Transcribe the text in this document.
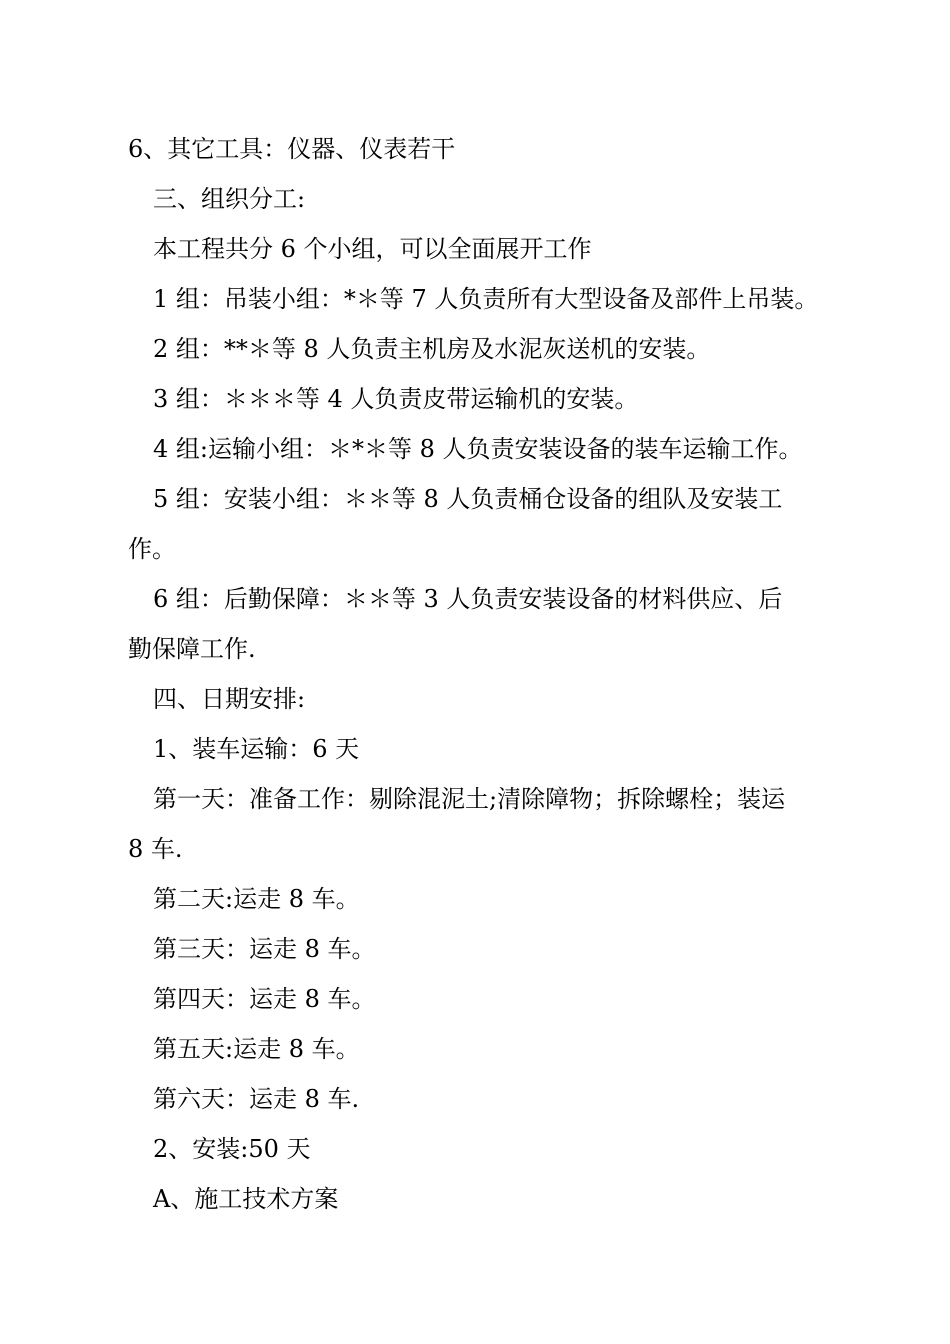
6、其它工具：仪器、仪表若干
三、组织分工:
本工程共分 6 个小组，可以全面展开工作
1 组：吊装小组：*＊等 7 人负责所有大型设备及部件上吊装。
2 组：**＊等 8 人负责主机房及水泥灰送机的安装。
3 组：＊＊＊等 4 人负责皮带运输机的安装。
4 组:运输小组：＊*＊等 8 人负责安装设备的装车运输工作。
5 组：安装小组：＊＊等 8 人负责桶仓设备的组队及安装工
作。
6 组：后勤保障：＊＊等 3 人负责安装设备的材料供应、后
勤保障工作.
四、日期安排:
1、装车运输：6 天
第一天：准备工作：剔除混泥土;清除障物；拆除螺栓；装运
8 车.
第二天:运走 8 车。
第三天：运走 8 车。
第四天：运走 8 车。
第五天:运走 8 车。
第六天：运走 8 车.
2、安装:50 天
A、施工技术方案
